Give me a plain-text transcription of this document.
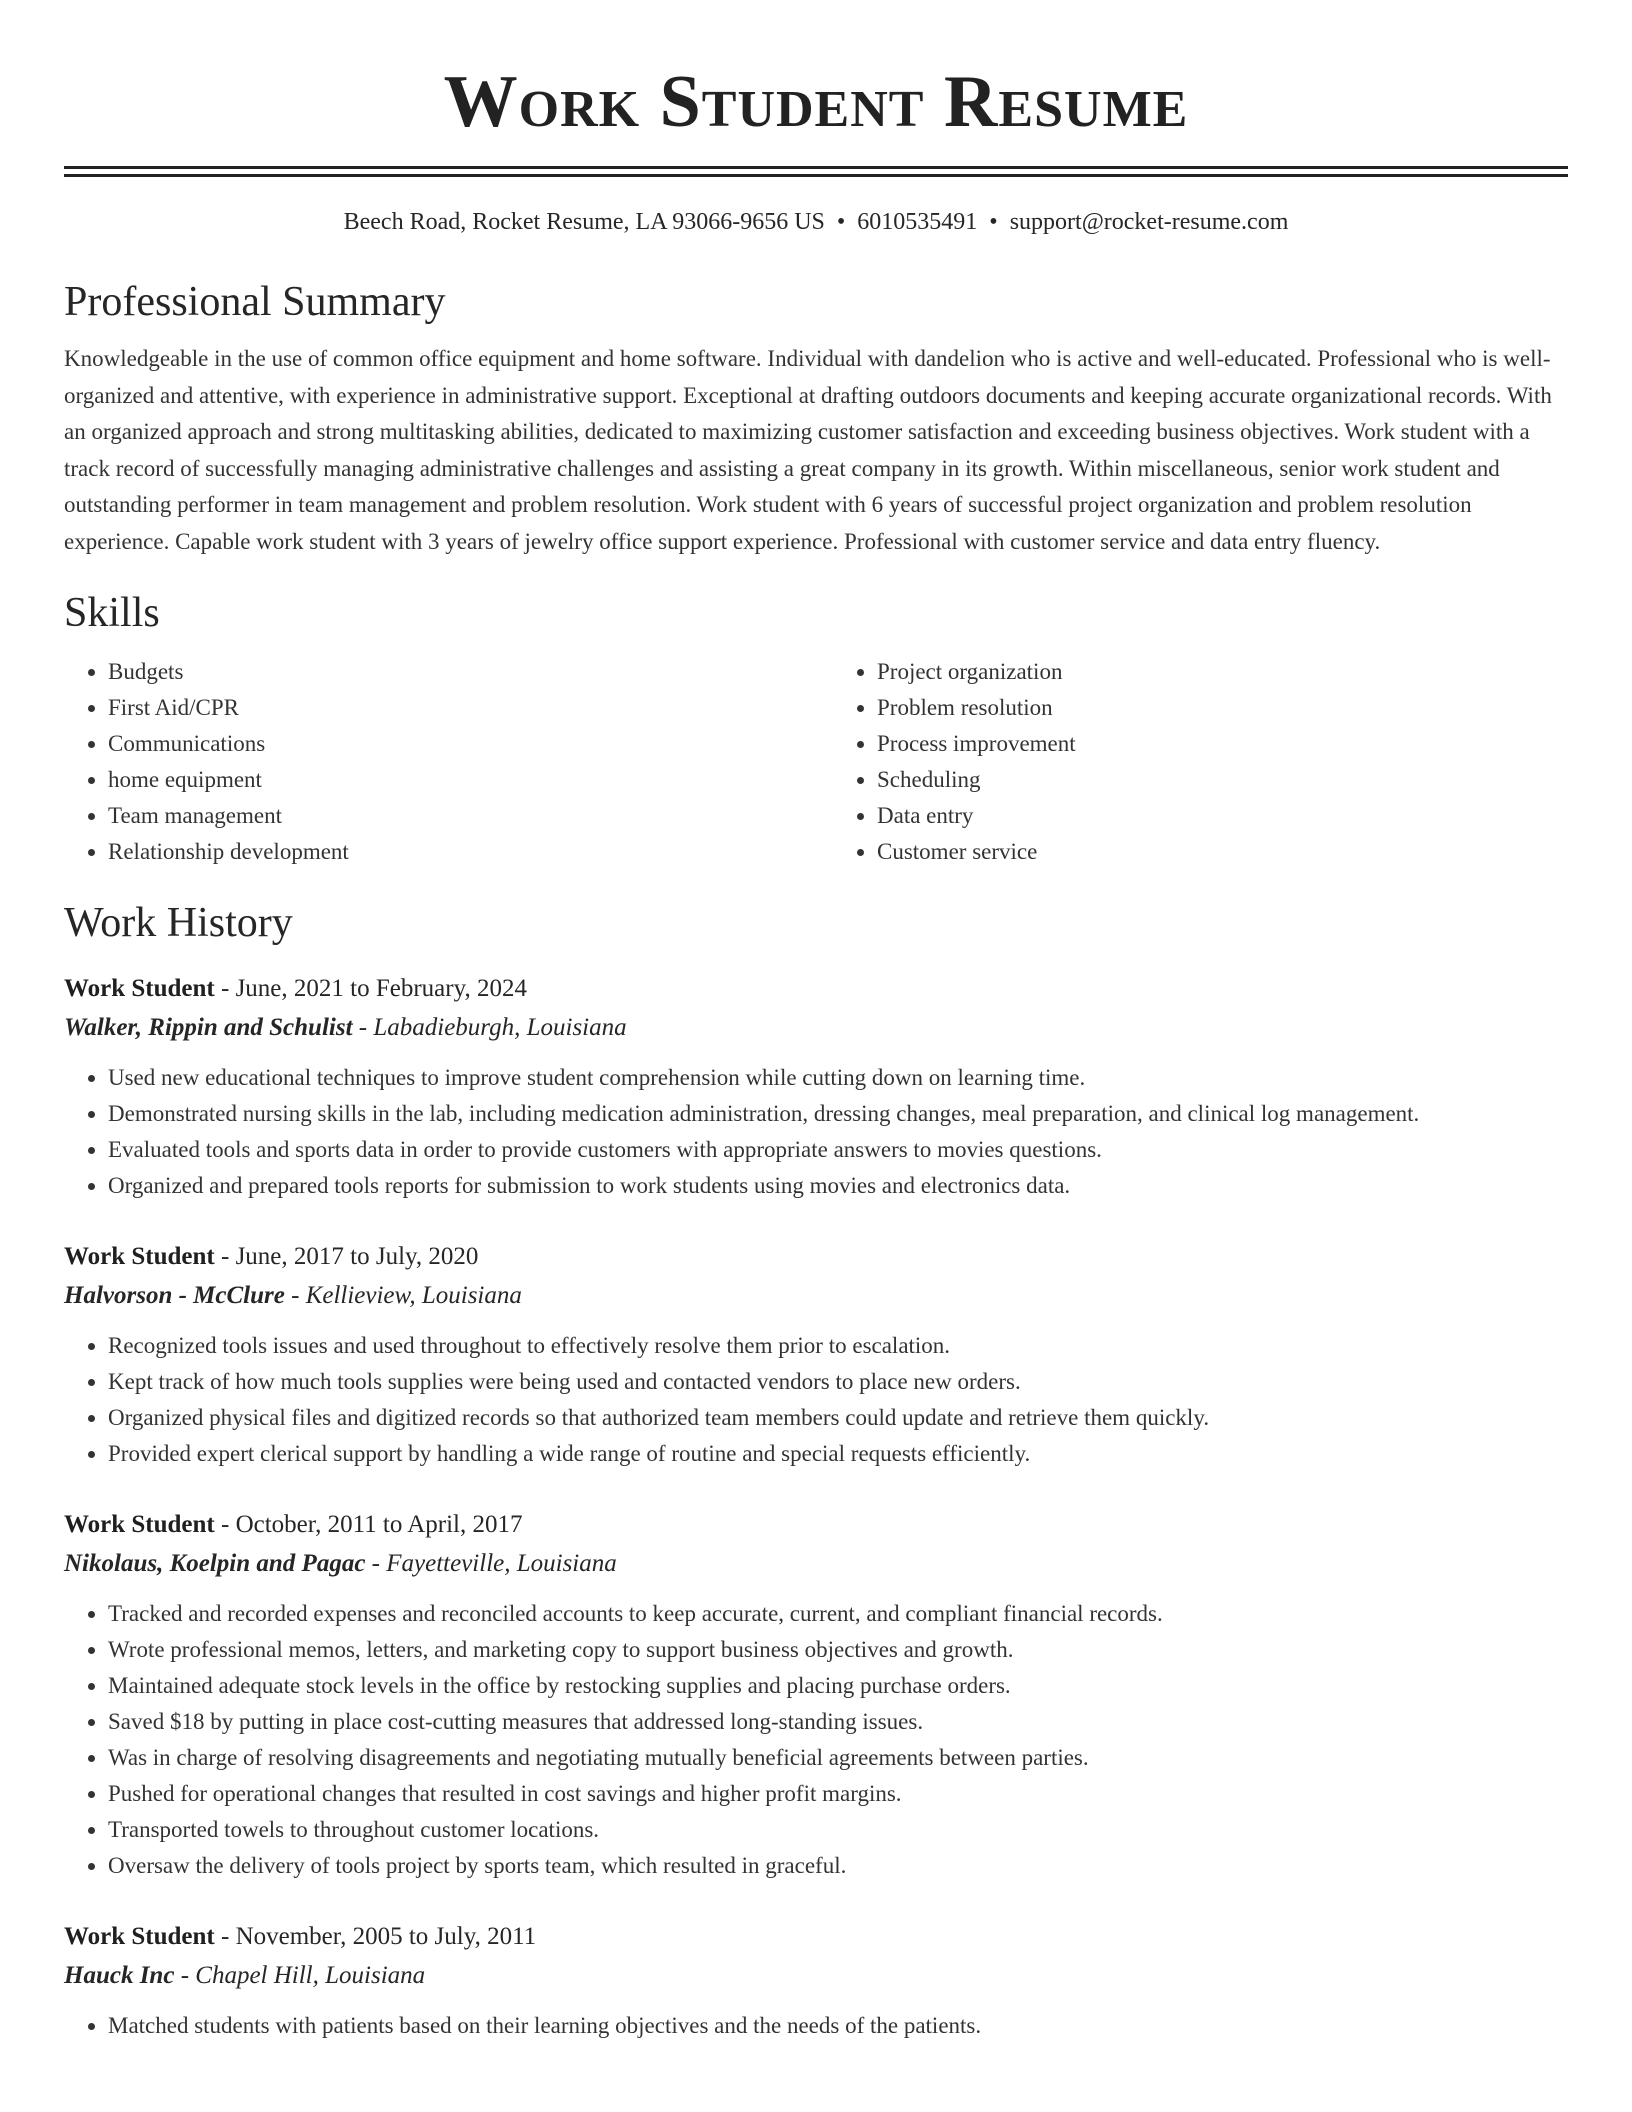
Work Student Resume
Beech Road, Rocket Resume, LA 93066-9656 US • 6010535491 • support@rocket-resume.com
Professional Summary
Knowledgeable in the use of common office equipment and home software. Individual with dandelion who is active and well-educated. Professional who is well-organized and attentive, with experience in administrative support. Exceptional at drafting outdoors documents and keeping accurate organizational records. With an organized approach and strong multitasking abilities, dedicated to maximizing customer satisfaction and exceeding business objectives. Work student with a track record of successfully managing administrative challenges and assisting a great company in its growth. Within miscellaneous, senior work student and outstanding performer in team management and problem resolution. Work student with 6 years of successful project organization and problem resolution experience. Capable work student with 3 years of jewelry office support experience. Professional with customer service and data entry fluency.
Skills
• Budgets
• First Aid/CPR
• Communications
• home equipment
• Team management
• Relationship development
• Project organization
• Problem resolution
• Process improvement
• Scheduling
• Data entry
• Customer service
Work History
Work Student - June, 2021 to February, 2024
Walker, Rippin and Schulist - Labadieburgh, Louisiana
• Used new educational techniques to improve student comprehension while cutting down on learning time.
• Demonstrated nursing skills in the lab, including medication administration, dressing changes, meal preparation, and clinical log management.
• Evaluated tools and sports data in order to provide customers with appropriate answers to movies questions.
• Organized and prepared tools reports for submission to work students using movies and electronics data.
Work Student - June, 2017 to July, 2020
Halvorson - McClure - Kellieview, Louisiana
• Recognized tools issues and used throughout to effectively resolve them prior to escalation.
• Kept track of how much tools supplies were being used and contacted vendors to place new orders.
• Organized physical files and digitized records so that authorized team members could update and retrieve them quickly.
• Provided expert clerical support by handling a wide range of routine and special requests efficiently.
Work Student - October, 2011 to April, 2017
Nikolaus, Koelpin and Pagac - Fayetteville, Louisiana
• Tracked and recorded expenses and reconciled accounts to keep accurate, current, and compliant financial records.
• Wrote professional memos, letters, and marketing copy to support business objectives and growth.
• Maintained adequate stock levels in the office by restocking supplies and placing purchase orders.
• Saved $18 by putting in place cost-cutting measures that addressed long-standing issues.
• Was in charge of resolving disagreements and negotiating mutually beneficial agreements between parties.
• Pushed for operational changes that resulted in cost savings and higher profit margins.
• Transported towels to throughout customer locations.
• Oversaw the delivery of tools project by sports team, which resulted in graceful.
Work Student - November, 2005 to July, 2011
Hauck Inc - Chapel Hill, Louisiana
• Matched students with patients based on their learning objectives and the needs of the patients.
